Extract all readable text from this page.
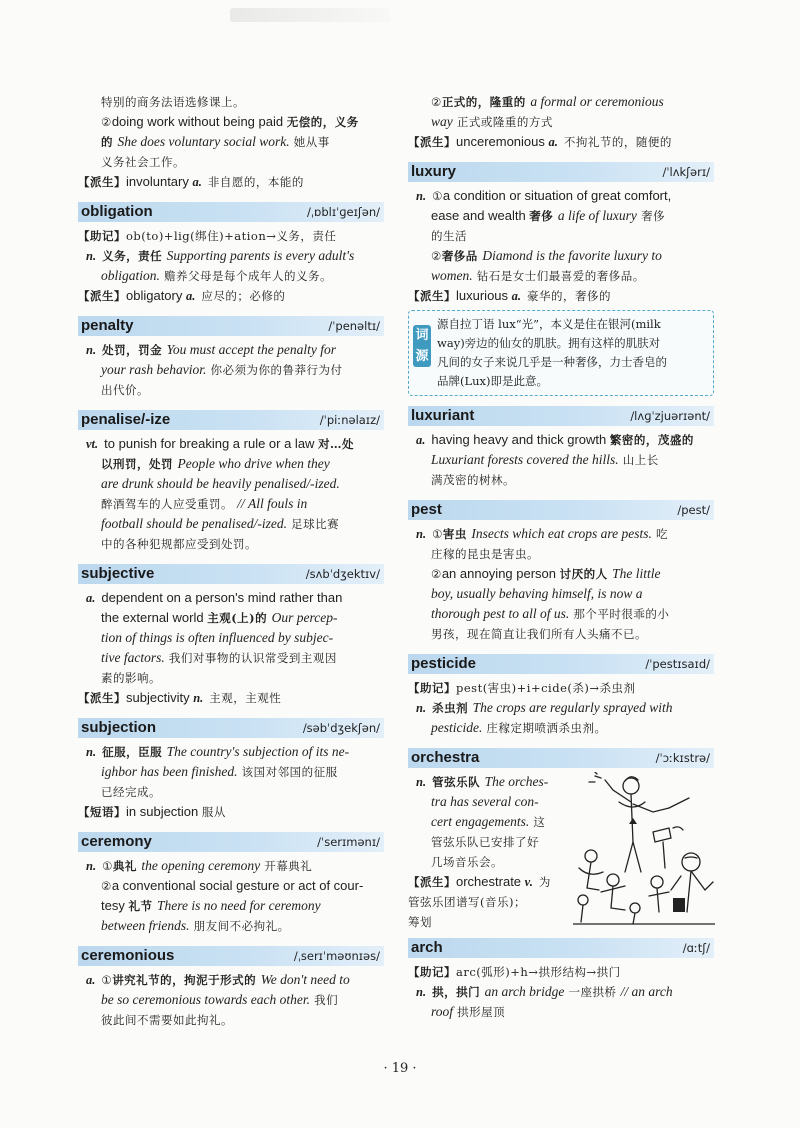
特别的商务法语选修课上。
②doing work without being paid 无偿的，义务
的 She does voluntary social work. 她从事
义务社会工作。
【派生】involuntary a. 非自愿的，本能的
obligation	/ˌɒblɪˈɡeɪʃən/
【助记】ob(to)+lig(绑住)+ation→义务，责任
n. 义务，责任 Supporting parents is every adult's
obligation. 赡养父母是每个成年人的义务。
【派生】obligatory a. 应尽的；必修的
penalty	/ˈpenəltɪ/
n. 处罚，罚金 You must accept the penalty for
your rash behavior. 你必须为你的鲁莽行为付
出代价。
penalise/-ize	/ˈpiːnəlaɪz/
vt. to punish for breaking a rule or a law 对…处
以刑罚，处罚 People who drive when they
are drunk should be heavily penalised/-ized.
醉酒驾车的人应受重罚。 // All fouls in
football should be penalised/-ized. 足球比赛
中的各种犯规都应受到处罚。
subjective	/sʌbˈdʒektɪv/
a. dependent on a person's mind rather than
the external world 主观(上)的 Our percep-
tion of things is often influenced by subjec-
tive factors. 我们对事物的认识常受到主观因
素的影响。
【派生】subjectivity n. 主观，主观性
subjection	/səbˈdʒekʃən/
n. 征服，臣服 The country's subjection of its ne-
ighbor has been finished. 该国对邻国的征服
已经完成。
【短语】in subjection 服从
ceremony	/ˈserɪmənɪ/
n. ①典礼 the opening ceremony 开幕典礼
②a conventional social gesture or act of cour-
tesy 礼节 There is no need for ceremony
between friends. 朋友间不必拘礼。
ceremonious	/ˌserɪˈməʊnɪəs/
a. ①讲究礼节的，拘泥于形式的 We don't need to
be so ceremonious towards each other. 我们
彼此间不需要如此拘礼。
②正式的，隆重的 a formal or ceremonious
way 正式或隆重的方式
【派生】unceremonious a. 不拘礼节的，随便的
luxury	/ˈlʌkʃərɪ/
n. ①a condition or situation of great comfort,
ease and wealth 奢侈 a life of luxury 奢侈
的生活
②奢侈品 Diamond is the favorite luxury to
women. 钻石是女士们最喜爱的奢侈品。
【派生】luxurious a. 豪华的，奢侈的
词源
源自拉丁语 lux“光”，本义是住在银河(milk
way)旁边的仙女的肌肤。拥有这样的肌肤对
凡间的女子来说几乎是一种奢侈，力士香皂的
品牌(Lux)即是此意。
luxuriant	/lʌɡˈzjuərɪənt/
a. having heavy and thick growth 繁密的，茂盛的
Luxuriant forests covered the hills. 山上长
满茂密的树林。
pest	/pest/
n. ①害虫 Insects which eat crops are pests. 吃
庄稼的昆虫是害虫。
②an annoying person 讨厌的人 The little
boy, usually behaving himself, is now a
thorough pest to all of us. 那个平时很乖的小
男孩，现在简直让我们所有人头痛不已。
pesticide	/ˈpestɪsaɪd/
【助记】pest(害虫)+i+cide(杀)→杀虫剂
n. 杀虫剂 The crops are regularly sprayed with
pesticide. 庄稼定期喷洒杀虫剂。
orchestra	/ˈɔːkɪstrə/
n. 管弦乐队 The orches-
tra has several con-
cert engagements. 这
管弦乐队已安排了好
几场音乐会。
【派生】orchestrate v. 为
管弦乐团谱写(音乐)；
筹划
arch	/ɑːtʃ/
【助记】arc(弧形)+h→拱形结构→拱门
n. 拱，拱门 an arch bridge 一座拱桥 // an arch
roof 拱形屋顶
· 19 ·
